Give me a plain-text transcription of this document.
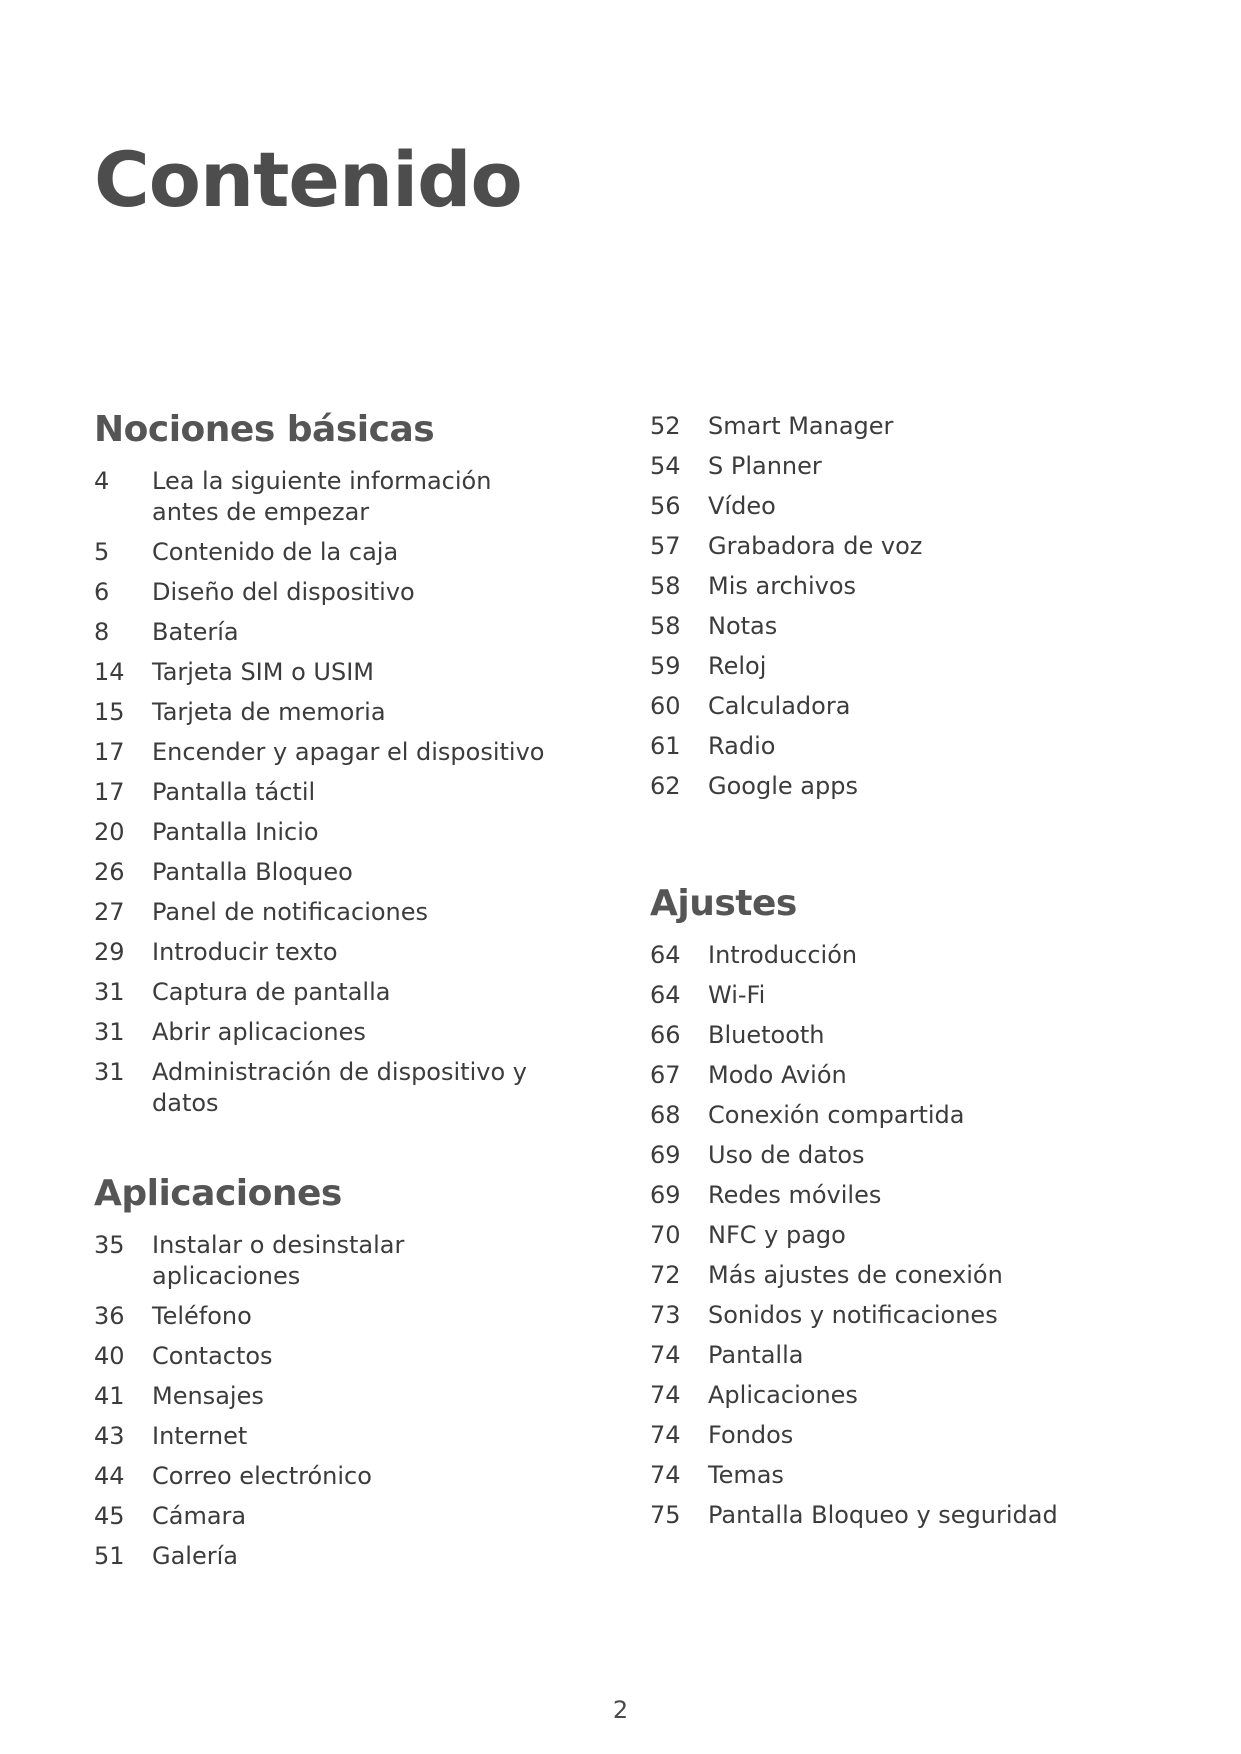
Contenido
Nociones básicas
4	Lea la siguiente información antes de empezar
5	Contenido de la caja
6	Diseño del dispositivo
8	Batería
14	Tarjeta SIM o USIM
15	Tarjeta de memoria
17	Encender y apagar el dispositivo
17	Pantalla táctil
20	Pantalla Inicio
26	Pantalla Bloqueo
27	Panel de notificaciones
29	Introducir texto
31	Captura de pantalla
31	Abrir aplicaciones
31	Administración de dispositivo y datos
Aplicaciones
35	Instalar o desinstalar aplicaciones
36	Teléfono
40	Contactos
41	Mensajes
43	Internet
44	Correo electrónico
45	Cámara
51	Galería
52	Smart Manager
54	S Planner
56	Vídeo
57	Grabadora de voz
58	Mis archivos
58	Notas
59	Reloj
60	Calculadora
61	Radio
62	Google apps
Ajustes
64	Introducción
64	Wi-Fi
66	Bluetooth
67	Modo Avión
68	Conexión compartida
69	Uso de datos
69	Redes móviles
70	NFC y pago
72	Más ajustes de conexión
73	Sonidos y notificaciones
74	Pantalla
74	Aplicaciones
74	Fondos
74	Temas
75	Pantalla Bloqueo y seguridad
2
